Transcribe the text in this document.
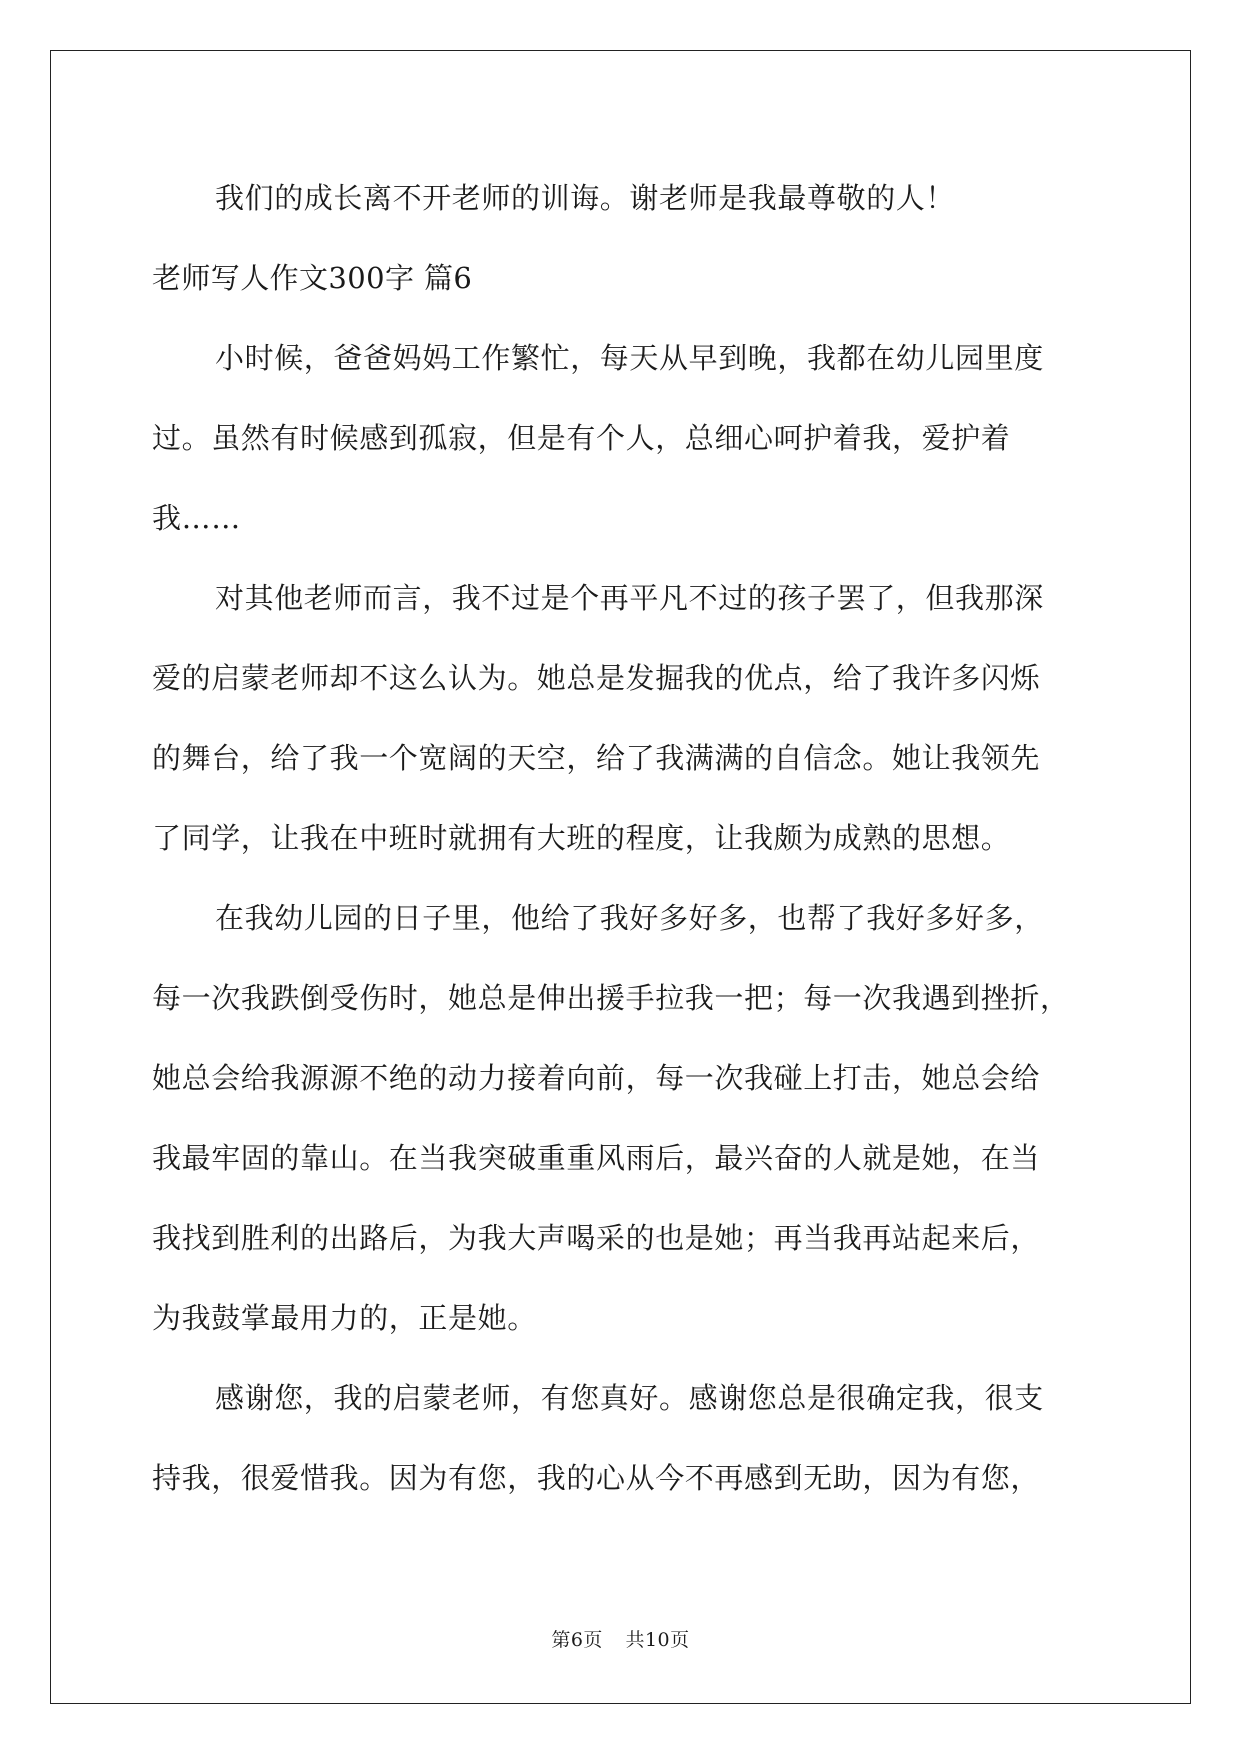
我们的成长离不开老师的训诲。谢老师是我最尊敬的人！
老师写人作文300字 篇6
小时候，爸爸妈妈工作繁忙，每天从早到晚，我都在幼儿园里度
过。虽然有时候感到孤寂，但是有个人，总细心呵护着我，爱护着
我……
对其他老师而言，我不过是个再平凡不过的孩子罢了，但我那深
爱的启蒙老师却不这么认为。她总是发掘我的优点，给了我许多闪烁
的舞台，给了我一个宽阔的天空，给了我满满的自信念。她让我领先
了同学，让我在中班时就拥有大班的程度，让我颇为成熟的思想。
在我幼儿园的日子里，他给了我好多好多，也帮了我好多好多，
每一次我跌倒受伤时，她总是伸出援手拉我一把；每一次我遇到挫折，
她总会给我源源不绝的动力接着向前，每一次我碰上打击，她总会给
我最牢固的靠山。在当我突破重重风雨后，最兴奋的人就是她，在当
我找到胜利的出路后，为我大声喝采的也是她；再当我再站起来后，
为我鼓掌最用力的，正是她。
感谢您，我的启蒙老师，有您真好。感谢您总是很确定我，很支
持我，很爱惜我。因为有您，我的心从今不再感到无助，因为有您，
第6页 共10页
